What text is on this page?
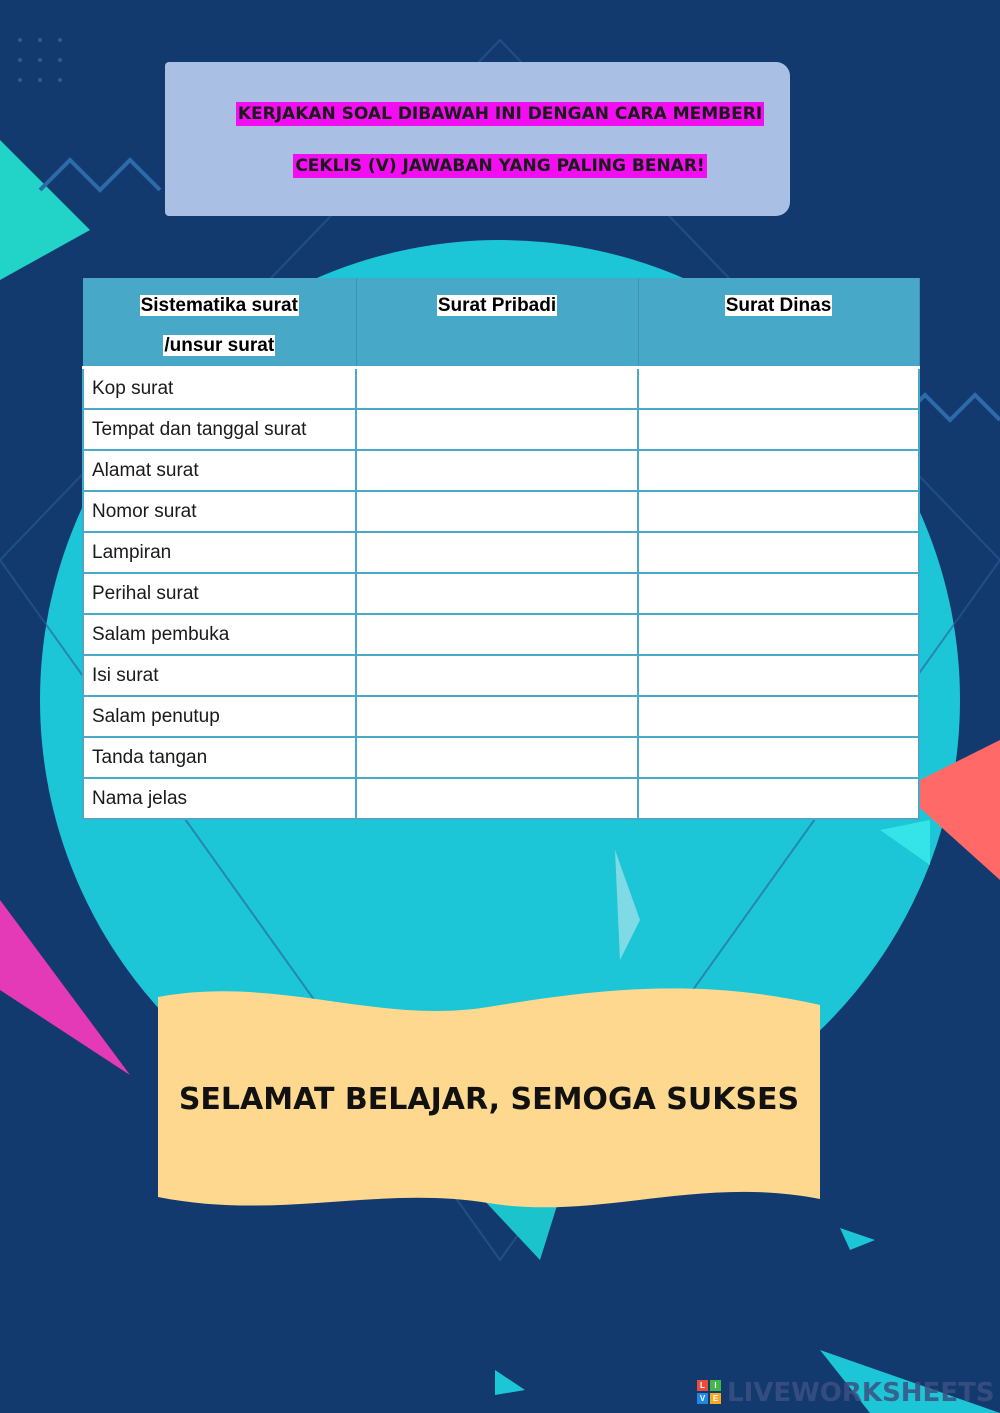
KERJAKAN SOAL DIBAWAH INI DENGAN CARA MEMBERI
CEKLIS (V) JAWABAN YANG PALING BENAR!
Sistematika surat
/unsur surat	Surat Pribadi	Surat Dinas
Kop surat		
Tempat dan tanggal surat		
Alamat surat		
Nomor surat		
Lampiran		
Perihal surat		
Salam pembuka		
Isi surat		
Salam penutup		
Tanda tangan		
Nama jelas		
SELAMAT BELAJAR, SEMOGA SUKSES
L	I
V E LIVEWORKSHEETS
